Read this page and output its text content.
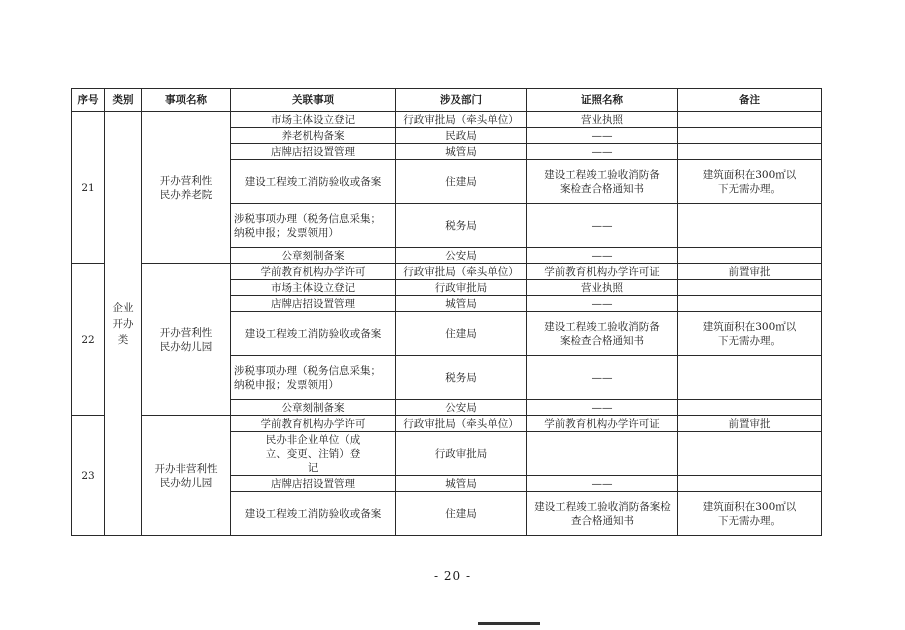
序号	类别	事项名称	关联事项	涉及部门	证照名称	备注
21	企业开办类	开办营利性民办养老院	市场主体设立登记	行政审批局（牵头单位）	营业执照	
			养老机构备案	民政局	——	
			店牌店招设置管理	城管局	——	
			建设工程竣工消防验收或备案	住建局	建设工程竣工验收消防备案检查合格通知书	建筑面积在300㎡以下无需办理。
			涉税事项办理（税务信息采集；纳税申报；发票领用）	税务局	——	
			公章刻制备案	公安局	——	
22		开办营利性民办幼儿园	学前教育机构办学许可	行政审批局（牵头单位）	学前教育机构办学许可证	前置审批
			市场主体设立登记	行政审批局	营业执照	
			店牌店招设置管理	城管局	——	
			建设工程竣工消防验收或备案	住建局	建设工程竣工验收消防备案检查合格通知书	建筑面积在300㎡以下无需办理。
			涉税事项办理（税务信息采集；纳税申报；发票领用）	税务局	——	
			公章刻制备案	公安局	——	
23		开办非营利性民办幼儿园	学前教育机构办学许可	行政审批局（牵头单位）	学前教育机构办学许可证	前置审批
			民办非企业单位（成立、变更、注销）登记	行政审批局		
			店牌店招设置管理	城管局	——	
			建设工程竣工消防验收或备案	住建局	建设工程竣工验收消防备案检查合格通知书	建筑面积在300㎡以下无需办理。
- 20 -
